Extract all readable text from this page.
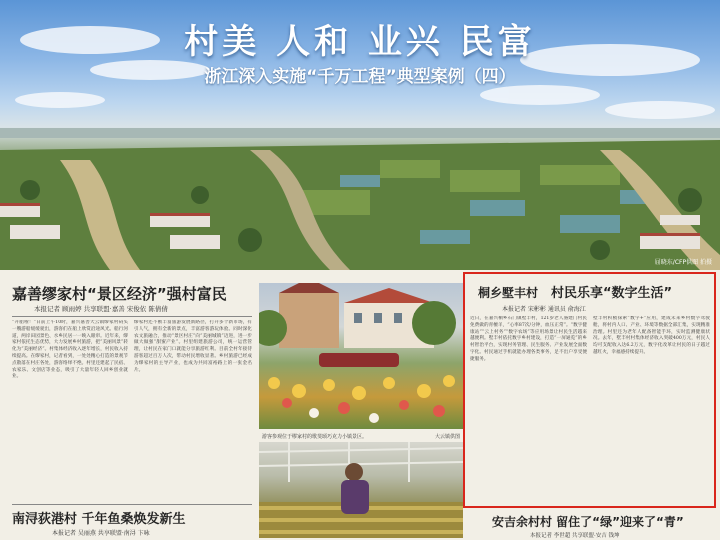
村美 人和 业兴 民富
浙江深入实施“千万工程”典型案例（四）
屈晓东/CFP供图 拍摄
嘉善缪家村“景区经济”强村富民
本报记者 顾雨婷 共享联盟·嘉善 宋俊依 陈倩倩
“开船啦！”日前上午10时，嘉兴嘉善大云镇缪家村码头一艘游船缓缓驶出，游客们在船上欣赏沿途风光。船行河道，两岸田园景色、水乡民居一一映入眼帘。近年来，缪家村依托生态优势，大力发展乡村旅游，把“美丽风景”转化为“美丽经济”。村集体经济收入逐年增长，村民收入持续提高。在缪家村，记者看到，一处处精心打造的景观节点散落在村庄各处，游客络绎不绝。村里还建起了民宿、农家乐、文创店等业态，吸引了大量年轻人回乡创业就业。
缪家村还不断丰富旅游发展新路径，打开多个新市场，有引人气，拥有全新的景点，丰富游客游玩体验。同时深化农文旅融合，推动“景区村庄”向“美丽城镇”迈进，进一步做大做强“甜蜜产业”。村里组建旅游公司，统一运营管理，让村民在家门口就能分享旅游红利。目前全村年接待游客超过百万人次，带动村民增收显著。乡村旅游已经成为缪家村的主导产业，也成为共同富裕路上的一张金名片。
游客参观位于缪家村的歌斐颂巧克力小镇景区。	大云镇供图
桐乡墅丰村 村民乐享“数字生活”
本报记者 宋彬彬 通讯员 俞海江
近日，在嘉兴桐乡石门镇墅丰村，121岁老人骆建门村民免费做的青檀羊，“心率87次/分钟，血压正常”。“数字健康站”“云上村务”“数字农场”等应用场景让村民生活越来越便利。墅丰村依托数字乡村建设，打造“一屏通览”的乡村智治平台，实现村务管理、民生服务、产业发展全面数字化。村民通过手机就能办理各类事务，足不出户享受便捷服务。
墅丰村积极探索“数字+”应用，建成未来乡村数字驾驶舱，将村内人口、产业、环境等数据全部汇集，实现精准治理。村里还为老年人配备智能手环，实时监测健康状况。去年，墅丰村村集体经济收入突破400万元，村民人均可支配收入达6.2万元，数字化改革让村民的日子越过越红火，幸福感持续提升。
南浔荻港村 千年鱼桑焕发新生
本报记者 吴丽燕 共享联盟·南浔 卞咏
安吉余村村 留住了“绿”迎来了“青”
本报记者 李世超 共享联盟·安吉 钱坤
